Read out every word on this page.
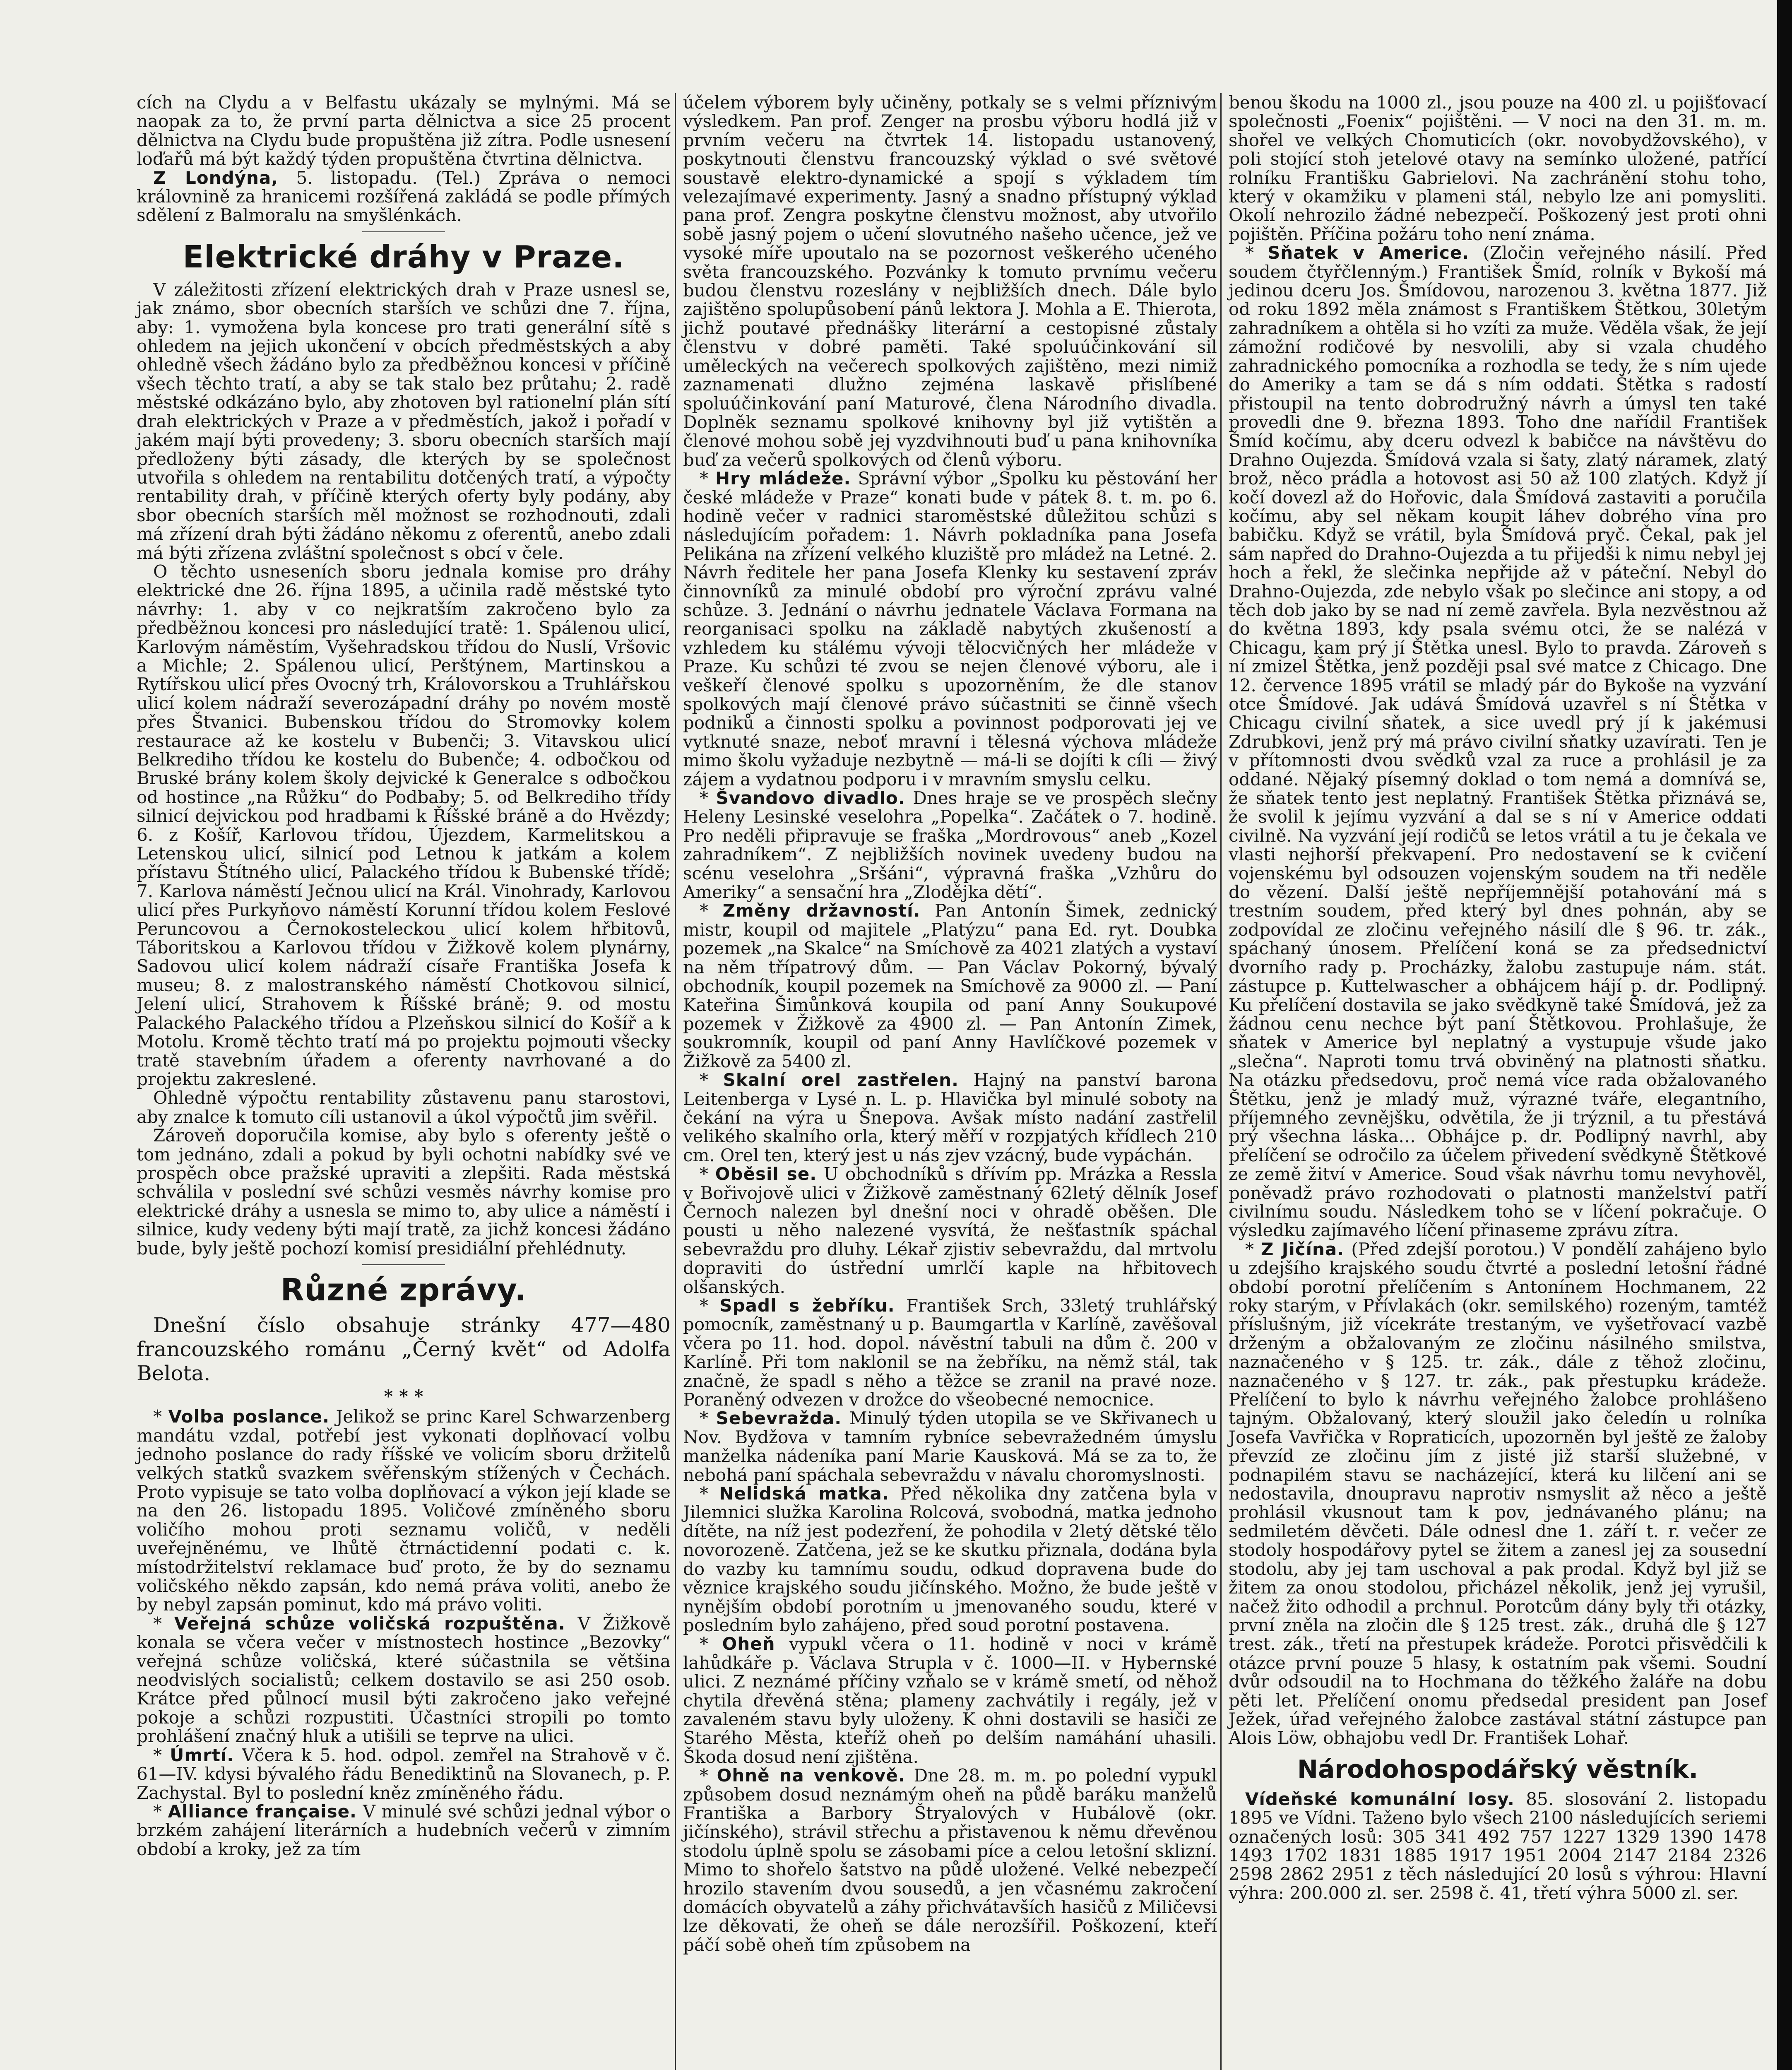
cích na Clydu a v Belfastu ukázaly se mylnými. Má se naopak za to, že první parta dělnictva a sice 25 procent dělnictva na Clydu bude propuštěna již zítra. Podle usnesení loďařů má být každý týden propuštěna čtvrtina dělnictva.

Z Londýna, 5. listopadu. (Tel.) Zpráva o nemoci královnině za hranicemi rozšířená zakládá se podle přímých sdělení z Balmoralu na smyšlénkách.

Elektrické dráhy v Praze.

V záležitosti zřízení elektrických drah v Praze usnesl se, jak známo, sbor obecních starších ve schůzi dne 7. října, aby: 1. vymožena byla koncese pro trati generální sítě s ohledem na jejich ukončení v obcích předměstských a aby ohledně všech žádáno bylo za předběžnou koncesi v příčině všech těchto tratí, a aby se tak stalo bez průtahu; 2. radě městské odkázáno bylo, aby zhotoven byl rationelní plán sítí drah elektrických v Praze a v předměstích, jakož i pořadí v jakém mají býti provedeny; 3. sboru obecních starších mají předloženy býti zásady, dle kterých by se společnost utvořila s ohledem na rentabilitu dotčených tratí, a výpočty rentability drah, v příčině kterých oferty byly podány, aby sbor obecních starších měl možnost se rozhodnouti, zdali má zřízení drah býti žádáno někomu z oferentů, anebo zdali má býti zřízena zvláštní společnost s obcí v čele.

O těchto usneseních sboru jednala komise pro dráhy elektrické dne 26. října 1895, a učinila radě městské tyto návrhy: 1. aby v co nejkratším zakročeno bylo za předběžnou koncesi pro následující tratě: 1. Spálenou ulicí, Karlovým náměstím, Vyšehradskou třídou do Nuslí, Vršovic a Michle; 2. Spálenou ulicí, Perštýnem, Martinskou a Rytířskou ulicí přes Ovocný trh, Královorskou a Truhlářskou ulicí kolem nádraží severozápadní dráhy po novém mostě přes Štvanici. Bubenskou třídou do Stromovky kolem restaurace až ke kostelu v Bubenči; 3. Vitavskou ulicí Belkrediho třídou ke kostelu do Bubenče; 4. odbočkou od Bruské brány kolem školy dejvické k Generalce s odbočkou od hostince „na Růžku“ do Podbaby; 5. od Belkrediho třídy silnicí dejvickou pod hradbami k Říšské bráně a do Hvězdy; 6. z Košíř, Karlovou třídou, Újezdem, Karmelitskou a Letenskou ulicí, silnicí pod Letnou k jatkám a kolem přístavu Štítného ulicí, Palackého třídou k Bubenské třídě; 7. Karlova náměstí Ječnou ulicí na Král. Vinohrady, Karlovou ulicí přes Purkyňovo náměstí Korunní třídou kolem Feslové Peruncovou a Černokosteleckou ulicí kolem hřbitovů, Táboritskou a Karlovou třídou v Žižkově kolem plynárny, Sadovou ulicí kolem nádraží císaře Františka Josefa k museu; 8. z malostranského náměstí Chotkovou silnicí, Jelení ulicí, Strahovem k Říšské bráně; 9. od mostu Palackého Palackého třídou a Plzeňskou silnicí do Košíř a k Motolu. Kromě těchto tratí má po projektu pojmouti všecky tratě stavebním úřadem a oferenty navrhované a do projektu zakreslené.

Ohledně výpočtu rentability zůstavenu panu starostovi, aby znalce k tomuto cíli ustanovil a úkol výpočtů jim svěřil.

Zároveň doporučila komise, aby bylo s oferenty ještě o tom jednáno, zdali a pokud by byli ochotni nabídky své ve prospěch obce pražské upraviti a zlepšiti. Rada městská schválila v poslední své schůzi vesměs návrhy komise pro elektrické dráhy a usnesla se mimo to, aby ulice a náměstí i silnice, kudy vedeny býti mají tratě, za jichž koncesi žádáno bude, byly ještě pochozí komisí presidiální přehlédnuty.

Různé zprávy.

Dnešní číslo obsahuje stránky 477—480 francouzského románu „Černý květ“ od Adolfa Belota.

* * *

* Volba poslance. Jelikož se princ Karel Schwarzenberg mandátu vzdal, potřebí jest vykonati doplňovací volbu jednoho poslance do rady říšské ve volicím sboru držitelů velkých statků svazkem svěřenským stížených v Čechách. Proto vypisuje se tato volba doplňovací a výkon její klade se na den 26. listopadu 1895. Voličové zmíněného sboru voličího mohou proti seznamu voličů, v neděli uveřejněnému, ve lhůtě čtrnáctidenní podati c. k. místodržitelství reklamace buď proto, že by do seznamu voličského někdo zapsán, kdo nemá práva voliti, anebo že by nebyl zapsán pominut, kdo má právo voliti.

* Veřejná schůze voličská rozpuštěna. V Žižkově konala se včera večer v místnostech hostince „Bezovky“ veřejná schůze voličská, které súčastnila se většina neodvislých socialistů; celkem dostavilo se asi 250 osob. Krátce před půlnocí musil býti zakročeno jako veřejné pokoje a schůzi rozpustiti. Účastníci stropili po tomto prohlášení značný hluk a utišili se teprve na ulici.

* Úmrtí. Včera k 5. hod. odpol. zemřel na Strahově v č. 61—IV. kdysi bývalého řádu Benediktinů na Slovanech, p. P. Zachystal. Byl to poslední kněz zmíněného řádu.

* Alliance française. V minulé své schůzi jednal výbor o brzkém zahájení literárních a hudebních večerů v zimním období a kroky, jež za tím

účelem výborem byly učiněny, potkaly se s velmi příznivým výsledkem. Pan prof. Zenger na prosbu výboru hodlá již v prvním večeru na čtvrtek 14. listopadu ustanovený, poskytnouti členstvu francouzský výklad o své světové soustavě elektro-dynamické a spojí s výkladem tím velezajímavé experimenty. Jasný a snadno přístupný výklad pana prof. Zengra poskytne členstvu možnost, aby utvořilo sobě jasný pojem o učení slovutného našeho učence, jež ve vysoké míře upoutalo na se pozornost veškerého učeného světa francouzského. Pozvánky k tomuto prvnímu večeru budou členstvu rozeslány v nejbližších dnech. Dále bylo zajištěno spolupůsobení pánů lektora J. Mohla a E. Thierota, jichž poutavé přednášky literární a cestopisné zůstaly členstvu v dobré paměti. Také spoluúčinkování sil uměleckých na večerech spolkových zajištěno, mezi nimiž zaznamenati dlužno zejména laskavě přislíbené spoluúčinkování paní Maturové, člena Národního divadla. Doplněk seznamu spolkové knihovny byl již vytištěn a členové mohou sobě jej vyzdvihnouti buď u pana knihovníka buď za večerů spolkových od členů výboru.

* Hry mládeže. Správní výbor „Spolku ku pěstování her české mládeže v Praze“ konati bude v pátek 8. t. m. po 6. hodině večer v radnici staroměstské důležitou schůzi s následujícím pořadem: 1. Návrh pokladníka pana Josefa Pelikána na zřízení velkého kluziště pro mládež na Letné. 2. Návrh ředitele her pana Josefa Klenky ku sestavení zpráv činnovníků za minulé období pro výroční zprávu valné schůze. 3. Jednání o návrhu jednatele Václava Formana na reorganisaci spolku na základě nabytých zkušeností a vzhledem ku stálému vývoji tělocvičných her mládeže v Praze. Ku schůzi té zvou se nejen členové výboru, ale i veškeří členové spolku s upozorněním, že dle stanov spolkových mají členové právo súčastniti se činně všech podniků a činnosti spolku a povinnost podporovati jej ve vytknuté snaze, neboť mravní i tělesná výchova mládeže mimo školu vyžaduje nezbytně — má-li se dojíti k cíli — živý zájem a vydatnou podporu i v mravním smyslu celku.

* Švandovo divadlo. Dnes hraje se ve prospěch slečny Heleny Lesinské veselohra „Popelka“. Začátek o 7. hodině. Pro neděli připravuje se fraška „Mordrovous“ aneb „Kozel zahradníkem“. Z nejbližších novinek uvedeny budou na scénu veselohra „Sršáni“, výpravná fraška „Vzhůru do Ameriky“ a sensační hra „Zlodějka dětí“.

* Změny državností. Pan Antonín Šimek, zednický mistr, koupil od majitele „Platýzu“ pana Ed. ryt. Doubka pozemek „na Skalce“ na Smíchově za 4021 zlatých a vystaví na něm třípatrový dům. — Pan Václav Pokorný, bývalý obchodník, koupil pozemek na Smíchově za 9000 zl. — Paní Kateřina Šimůnková koupila od paní Anny Soukupové pozemek v Žižkově za 4900 zl. — Pan Antonín Zimek, soukromník, koupil od paní Anny Havlíčkové pozemek v Žižkově za 5400 zl.

* Skalní orel zastřelen. Hajný na panství barona Leitenberga v Lysé n. L. p. Hlavička byl minulé soboty na čekání na výra u Šnepova. Avšak místo nadání zastřelil velikého skalního orla, který měří v rozpjatých křídlech 210 cm. Orel ten, který jest u nás zjev vzácný, bude vypáchán.

* Oběsil se. U obchodníků s dřívím pp. Mrázka a Ressla v Bořivojově ulici v Žižkově zaměstnaný 62letý dělník Josef Černoch nalezen byl dnešní noci v ohradě oběšen. Dle pousti u něho nalezené vysvítá, že nešťastník spáchal sebevraždu pro dluhy. Lékař zjistiv sebevraždu, dal mrtvolu dopraviti do ústřední umrlčí kaple na hřbitovech olšanských.

* Spadl s žebříku. František Srch, 33letý truhlářský pomocník, zaměstnaný u p. Baumgartla v Karlíně, zavěšoval včera po 11. hod. dopol. návěstní tabuli na dům č. 200 v Karlíně. Při tom naklonil se na žebříku, na němž stál, tak značně, že spadl s něho a těžce se zranil na pravé noze. Poraněný odvezen v drožce do všeobecné nemocnice.

* Sebevražda. Minulý týden utopila se ve Skřivanech u Nov. Bydžova v tamním rybníce sebevražedném úmyslu manželka nádeníka paní Marie Kausková. Má se za to, že nebohá paní spáchala sebevraždu v návalu choromyslnosti.

* Nelidská matka. Před několika dny zatčena byla v Jilemnici služka Karolina Rolcová, svobodná, matka jednoho dítěte, na níž jest podezření, že pohodila v 2letý dětské tělo novorozeně. Zatčena, jež se ke skutku přiznala, dodána byla do vazby ku tamnímu soudu, odkud dopravena bude do věznice krajského soudu jičínského. Možno, že bude ještě v nynějším období porotním u jmenovaného soudu, které v posledním bylo zahájeno, před soud porotní postavena.

* Oheň vypukl včera o 11. hodině v noci v krámě lahůdkáře p. Václava Strupla v č. 1000—II. v Hybernské ulici. Z neznámé příčiny vzňalo se v krámě smetí, od něhož chytila dřevěná stěna; plameny zachvátily i regály, jež v zavaleném stavu byly uloženy. K ohni dostavili se hasiči ze Starého Města, kteříž oheň po delším namáhání uhasili. Škoda dosud není zjištěna.

* Ohně na venkově. Dne 28. m. m. po polední vypukl způsobem dosud neznámým oheň na půdě baráku manželů Františka a Barbory Štryalových v Hubálově (okr. jičínského), strávil střechu a přistavenou k němu dřevěnou stodolu úplně spolu se zásobami píce a celou letošní sklizní. Mimo to shořelo šatstvo na půdě uložené. Velké nebezpečí hrozilo stavením dvou sousedů, a jen včasnému zakročení domácích obyvatelů a záhy přichvátavších hasičů z Miličevsi lze děkovati, že oheň se dále nerozšířil. Poškození, kteří páčí sobě oheň tím způsobem na

benou škodu na 1000 zl., jsou pouze na 400 zl. u pojišťovací společnosti „Foenix“ pojištěni. — V noci na den 31. m. m. shořel ve velkých Chomuticích (okr. novobydžovského), v poli stojící stoh jetelové otavy na semínko uložené, patřící rolníku Františku Gabrielovi. Na zachránění stohu toho, který v okamžiku v plameni stál, nebylo lze ani pomysliti. Okolí nehrozilo žádné nebezpečí. Poškozený jest proti ohni pojištěn. Příčina požáru toho není známa.

* Sňatek v Americe. (Zločin veřejného násilí. Před soudem čtyřčlenným.) František Šmíd, rolník v Bykoší má jedinou dceru Jos. Šmídovou, narozenou 3. května 1877. Již od roku 1892 měla známost s Františkem Štětkou, 30letým zahradníkem a ohtěla si ho vzíti za muže. Věděla však, že její zámožní rodičové by nesvolili, aby si vzala chudého zahradnického pomocníka a rozhodla se tedy, že s ním ujede do Ameriky a tam se dá s ním oddati. Štětka s radostí přistoupil na tento dobrodružný návrh a úmysl ten také provedli dne 9. března 1893. Toho dne nařídil František Šmíd kočímu, aby dceru odvezl k babičce na návštěvu do Drahno Oujezda. Šmídová vzala si šaty, zlatý náramek, zlatý brož, něco prádla a hotovost asi 50 až 100 zlatých. Když jí kočí dovezl až do Hořovic, dala Šmídová zastaviti a poručila kočímu, aby sel někam koupit láhev dobrého vína pro babičku. Když se vrátil, byla Šmídová pryč. Čekal, pak jel sám napřed do Drahno-Oujezda a tu přijedši k nimu nebyl jej hoch a řekl, že slečinka nepřijde až v páteční. Nebyl do Drahno-Oujezda, zde nebylo však po slečince ani stopy, a od těch dob jako by se nad ní země zavřela. Byla nezvěstnou až do května 1893, kdy psala svému otci, že se nalézá v Chicagu, kam prý jí Štětka unesl. Bylo to pravda. Zároveň s ní zmizel Štětka, jenž později psal své matce z Chicago. Dne 12. července 1895 vrátil se mladý pár do Bykoše na vyzvání otce Šmídové. Jak udává Šmídová uzavřel s ní Štětka v Chicagu civilní sňatek, a sice uvedl prý jí k jakémusi Zdrubkovi, jenž prý má právo civilní sňatky uzavírati. Ten je v přítomnosti dvou svědků vzal za ruce a prohlásil je za oddané. Nějaký písemný doklad o tom nemá a domnívá se, že sňatek tento jest neplatný. František Štětka přiznává se, že svolil k jejímu vyzvání a dal se s ní v Americe oddati civilně. Na vyzvání její rodičů se letos vrátil a tu je čekala ve vlasti nejhorší překvapení. Pro nedostavení se k cvičení vojenskému byl odsouzen vojenským soudem na tři neděle do vězení. Další ještě nepříjemnější potahování má s trestním soudem, před který byl dnes pohnán, aby se zodpovídal ze zločinu veřejného násilí dle § 96. tr. zák., spáchaný únosem. Přelíčení koná se za předsednictví dvorního rady p. Procházky, žalobu zastupuje nám. stát. zástupce p. Kuttelwascher a obhájcem hájí p. dr. Podlipný. Ku přelíčení dostavila se jako svědkyně také Šmídová, jež za žádnou cenu nechce být paní Štětkovou. Prohlašuje, že sňatek v Americe byl neplatný a vystupuje všude jako „slečna“. Naproti tomu trvá obviněný na platnosti sňatku. Na otázku předsedovu, proč nemá více rada obžalovaného Štětku, jenž je mladý muž, výrazné tváře, elegantního, příjemného zevnějšku, odvětila, že ji trýznil, a tu přestává prý všechna láska… Obhájce p. dr. Podlipný navrhl, aby přelíčení se odročilo za účelem přivedení svědkyně Štětkové ze země žitví v Americe. Soud však návrhu tomu nevyhověl, poněvadž právo rozhodovati o platnosti manželství patří civilnímu soudu. Následkem toho se v líčení pokračuje. O výsledku zajímavého líčení přinaseme zprávu zítra.

* Z Jičína. (Před zdejší porotou.) V pondělí zahájeno bylo u zdejšího krajského soudu čtvrté a poslední letošní řádné období porotní přelíčením s Antonínem Hochmanem, 22 roky starým, v Přívlakách (okr. semilského) rozeným, tamtéž příslušným, již vícekráte trestaným, ve vyšetřovací vazbě drženým a obžalovaným ze zločinu násilného smilstva, naznačeného v § 125. tr. zák., dále z těhož zločinu, naznačeného v § 127. tr. zák., pak přestupku krádeže. Přelíčení to bylo k návrhu veřejného žalobce prohlášeno tajným. Obžalovaný, který sloužil jako čeledín u rolníka Josefa Vavřička v Ropraticích, upozorněn byl ještě ze žaloby převzíd ze zločinu jím z jisté již starší služebné, v podnapilém stavu se nacházející, která ku lilčení ani se nedostavila, dnoupravu naprotiv nsmyslit až něco a ještě prohlásil vkusnout tam k pov, jednávaného plánu; na sedmiletém děvčeti. Dále odnesl dne 1. září t. r. večer ze stodoly hospodářovy pytel se žitem a zanesl jej za sousední stodolu, aby jej tam uschoval a pak prodal. Když byl již se žitem za onou stodolou, přicházel několik, jenž jej vyrušil, načež žito odhodil a prchnul. Porotcům dány byly tři otázky, první zněla na zločin dle § 125 trest. zák., druhá dle § 127 trest. zák., třetí na přestupek krádeže. Porotci přisvědčili k otázce první pouze 5 hlasy, k ostatním pak všemi. Soudní dvůr odsoudil na to Hochmana do těžkého žaláře na dobu pěti let. Přelíčení onomu předsedal president pan Josef Ježek, úřad veřejného žalobce zastával státní zástupce pan Alois Löw, obhajobu vedl Dr. František Lohař.

Národohospodářský věstník.

Vídeňské komunální losy. 85. slosování 2. listopadu 1895 ve Vídni. Taženo bylo všech 2100 následujících seriemi označených losů: 305 341 492 757 1227 1329 1390 1478 1493 1702 1831 1885 1917 1951 2004 2147 2184 2326 2598 2862 2951 z těch následující 20 losů s výhrou: Hlavní výhra: 200.000 zl. ser. 2598 č. 41, třetí výhra 5000 zl. ser.
